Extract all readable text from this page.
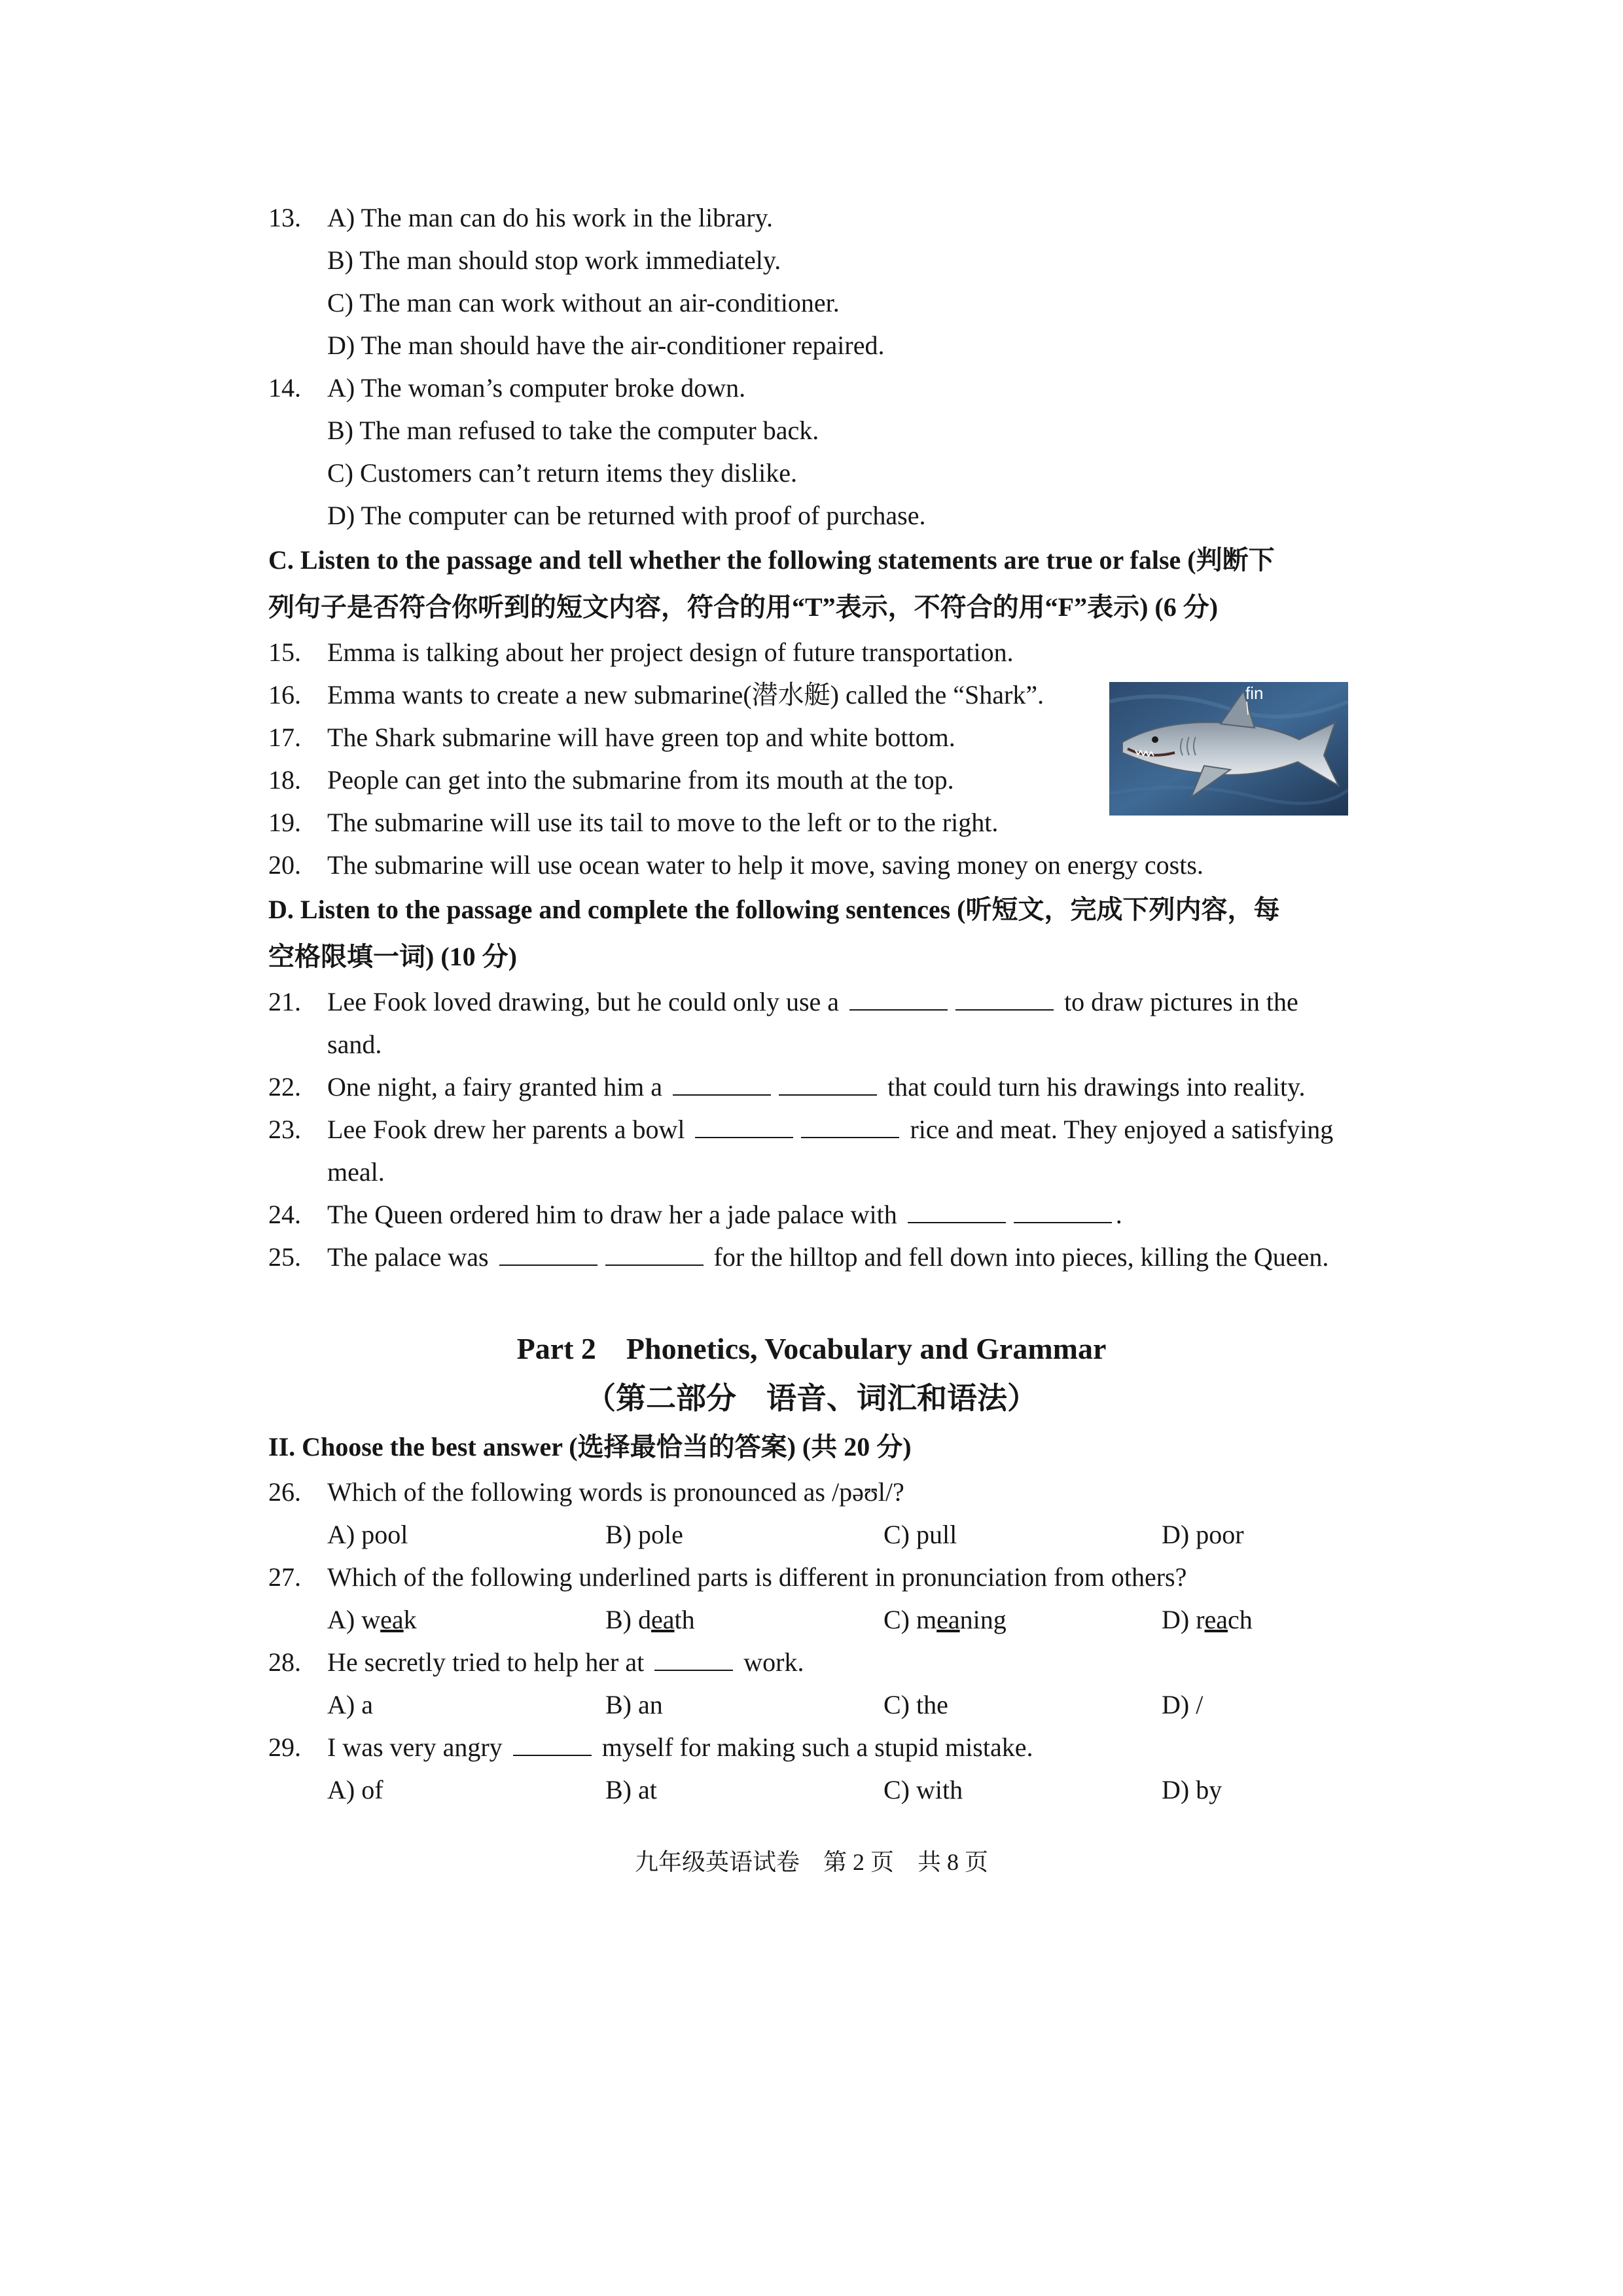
13.	A) The man can do his work in the library.
B) The man should stop work immediately.
C) The man can work without an air-conditioner.
D) The man should have the air-conditioner repaired.
14.	A) The woman’s computer broke down.
B) The man refused to take the computer back.
C) Customers can’t return items they dislike.
D) The computer can be returned with proof of purchase.
C. Listen to the passage and tell whether the following statements are true or false (判断下
列句子是否符合你听到的短文内容，符合的用“T”表示，不符合的用“F”表示) (6 分)
15.	Emma is talking about her project design of future transportation.
16.	Emma wants to create a new submarine(潜水艇) called the “Shark”.
17.	The Shark submarine will have green top and white bottom.
18.	People can get into the submarine from its mouth at the top.
19.	The submarine will use its tail to move to the left or to the right.
20.	The submarine will use ocean water to help it move, saving money on energy costs.
D. Listen to the passage and complete the following sentences (听短文，完成下列内容，每
空格限填一词) (10 分)
21.	Lee Fook loved drawing, but he could only use a	to draw pictures in the
sand.
22.	One night, a fairy granted him a	that could turn his drawings into reality.
23.	Lee Fook drew her parents a bowl	rice and meat. They enjoyed a satisfying
meal.
24.	The Queen ordered him to draw her a jade palace with	.
25.	The palace was	for the hilltop and fell down into pieces, killing the Queen.
Part 2　Phonetics, Vocabulary and Grammar
（第二部分　语音、词汇和语法）
II. Choose the best answer (选择最恰当的答案) (共 20 分)
26.	Which of the following words is pronounced as /pəʊl/?
A) pool	B) pole	C) pull	D) poor
27.	Which of the following underlined parts is different in pronunciation from others?
A) weak	B) death	C) meaning	D) reach
28.	He secretly tried to help her at	work.
A) a	B) an	C) the	D) /
29.	I was very angry	myself for making such a stupid mistake.
A) of	B) at	C) with	D) by
fin
九年级英语试卷　第 2 页　共 8 页
